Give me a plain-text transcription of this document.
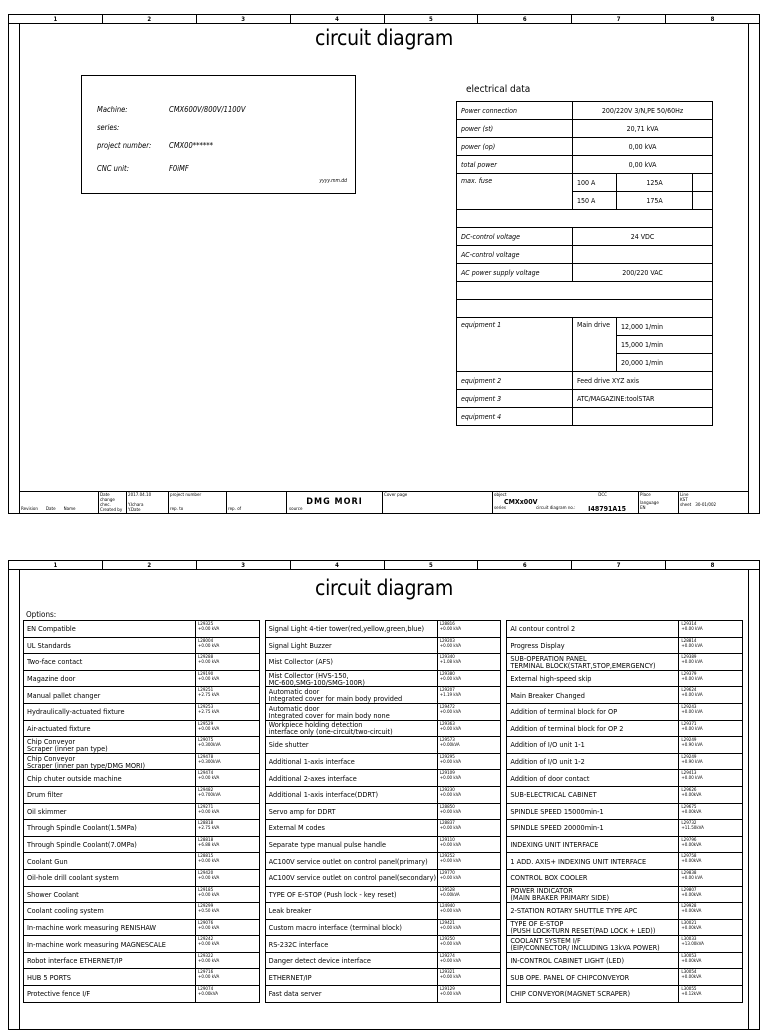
1	2	3	4	5	6	7	8
circuit diagram
Machine:	CMX600V/800V/1100V
series:
project number:	CMX00******
CNC unit:	F0iMF
yyyy.mm.dd
electrical data
Power connection	200/220V 3/N,PE 50/60Hz		
power (st)	20,71 kVA		
power (op)	0,00 kVA		
total power	0,00 kVA		
max. fuse	100 A	125A	
	150 A	175A	

DC-control voltage	24 VDC		
AC-control voltage			
AC power supply voltage	200/220 VAC		

equipment 1	Main drive	12,000 1/min	
		15,000 1/min	
		20,000 1/min	
equipment 2	Feed drive XYZ axis		
equipment 3	ATC/MAGAZINE:toolSTAR		
equipment 4			
Revision Date Name
Date
change
chec.
Created by
2017.04.10

Y.Ichara
Y.Date
project number
rep. to	rep. of
DMG MORI
source
Cover page	object	DCC
CMXx00V
series	circuit diagram no.: I48791A15
Place
language
EN
Line
KST
sheet 30-01/002
1	2	3	4	5	6	7	8
circuit diagram
Options:
EN Compatible	L29325
+0.00 kVA
UL Standards	L28004
+0.00 kVA
Two-face contact	L29288
+0.00 kVA
Magazine door	L29190
+0.00 kVA
Manual pallet changer	L29251
+2.75 kVA
Hydraulically-actuated fixture	L29253
+2.75 kVA
Air-actuated fixture	L29529
+0.00 kVA
Chip Conveyor
Scraper (inner pan type)
L29075
+0.300kVA
Chip Conveyor
Scraper (inner pan type/DMG MORI)
L29478
+0.300kVA
Chip chuter outside machine	L29474
+0.00 kVA
Drum filter	L29482
+0.700kVA
Oil skimmer	L29271
+0.00 kVA
Through Spindle Coolant(1.5MPa)	L28818
+2.75 kVA
Through Spindle Coolant(7.0MPa)	L28818
+6.88 kVA
Coolant Gun	L28815
+0.00 kVA
Oil-hole drill coolant system	L29420
+0.00 kVA
Shower Coolant	L29185
+0.00 kVA
Coolant cooling system	L29299
+0.50 kVA
In-machine work measuring RENISHAW	L29076
+0.00 kVA
In-machine work measuring MAGNESCALE	L29242
+0.00 kVA
Robot interface ETHERNET/IP	L29322
+0.00 kVA
HUB 5 PORTS	L29716
+0.00 kVA
Protective fence I/F	L29074
+0.00kVA
Signal Light 4-tier tower(red,yellow,green,blue)	L28816
+0.00 kVA
Signal Light Buzzer	L29203
+0.00 kVA
Mist Collector (AFS)	L29340
+1.08 kVA
Mist Collector (HVS-150,
MC-600,SMG-100/SMG-100R)
L29380
+0.00 kVA
Automatic door
Integrated cover for main body provided
L29207
+1.19 kVA
Automatic door
Integrated cover for main body none
L29472
+0.00 kVA
Workpiece holding detection
interface only (one-circuit/two-circuit)
L29363
+0.00 kVA
Side shutter	L29573
+0.00kVA
Additional 1-axis interface	L29295
+0.00 kVA
Additional 2-axes interface	L29109
+0.00 kVA
Additional 1-axis interface(DDRT)	L29230
+0.00 kVA
Servo amp for DDRT	L28850
+0.00 kVA
External M codes	L28837
+0.00 kVA
Separate type manual pulse handle	L29110
+0.00 kVA
AC100V service outlet on control panel(primary)	L29252
+0.00 kVA
AC100V service outlet on control panel(secondary) L29770
+0.00 kVA
TYPE OF E-STOP (Push lock - key reset)	L29528
+0.00kVA
Leak breaker	L24940
+0.00 kVA
Custom macro interface (terminal block)	L29421
+0.00 kVA
RS-232C interface	L29250
+0.00 kVA
Danger detect device interface	L29274
+0.00 kVA
ETHERNET/IP	L29321
+0.00 kVA
Fast data server	L29129
+0.00 kVA
AI contour control 2	L29314
+0.00 kVA
Progress Display	L28814
+0.00 kVA
SUB-OPERATION PANEL
TERMINAL BLOCK(START,STOP,EMERGENCY)
L29389
+0.00 kVA
External high-speed skip	L29379
+0.00 kVA
Main Breaker Changed	L29624
+0.00 kVA
Addition of terminal block for OP	L29243
+0.00 kVA
Addition of terminal block for OP 2	L29371
+0.00 kVA
Addition of I/O unit 1-1	L29249
+0.90 kVA
Addition of I/O unit 1-2	L29249
+0.90 kVA
Addition of door contact	L29413
+0.00 kVA
SUB-ELECTRICAL CABINET	L29626
+0.00kVA
SPINDLE SPEED 15000min-1	L29675
+0.00kVA
SPINDLE SPEED 20000min-1	L29732
+11.50kVA
INDEXING UNIT INTERFACE	L29796
+0.00kVA
1 ADD. AXIS+ INDEXING UNIT INTERFACE	L29758
+0.00kVA
CONTROL BOX COOLER	L29838
+0.00 kVA
POWER INDICATOR
(MAIN BRAKER PRIMARY SIDE)
L29807
+0.00kVA
2-STATION ROTARY SHUTTLE TYPE APC	L29928
+0.00kVA
TYPE OF E-STOP
(PUSH LOCK-TURN RESET(PAD LOCK + LED))
L30021
+0.00kVA
COOLANT SYSTEM I/F
(EIP/CONNECTOR/ INCLUDING 13kVA POWER)
L30033
+13.00kVA
IN-CONTROL CABINET LIGHT (LED)	L30053
+0.00kVA
SUB OPE. PANEL OF CHIPCONVEYOR	L30054
+0.00kVA
CHIP CONVEYOR(MAGNET SCRAPER)	L30055
+0.12kVA
